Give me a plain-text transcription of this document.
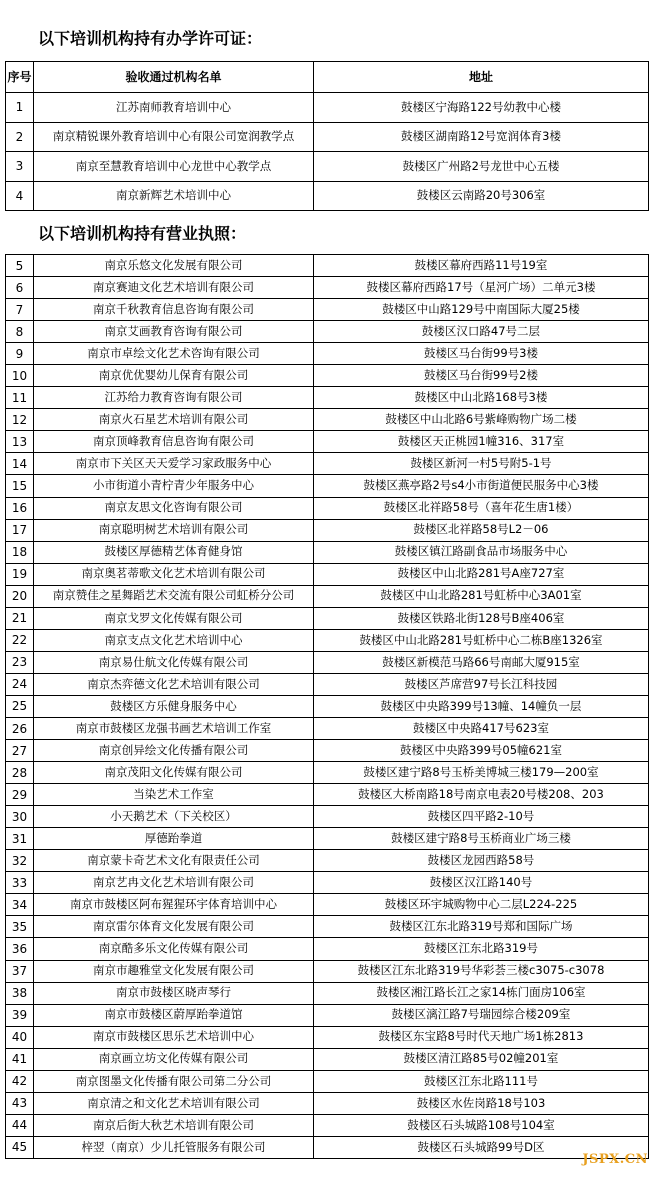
以下培训机构持有办学许可证：
序号	验收通过机构名单	地址
1	江苏南师教育培训中心	鼓楼区宁海路122号幼教中心楼
2	南京精锐课外教育培训中心有限公司宽润教学点	鼓楼区湖南路12号宽润体育3楼
3	南京至慧教育培训中心龙世中心教学点	鼓楼区广州路2号龙世中心五楼
4	南京新辉艺术培训中心	鼓楼区云南路20号306室
以下培训机构持有营业执照：
5	南京乐悠文化发展有限公司	鼓楼区幕府西路11号19室
6	南京赛迪文化艺术培训有限公司	鼓楼区幕府西路17号（星河广场）二单元3楼
7	南京千秋教育信息咨询有限公司	鼓楼区中山路129号中南国际大厦25楼
8	南京艾画教育咨询有限公司	鼓楼区汉口路47号二层
9	南京市卓绘文化艺术咨询有限公司	鼓楼区马台街99号3楼
10	南京优优婴幼儿保育有限公司	鼓楼区马台街99号2楼
11	江苏给力教育咨询有限公司	鼓楼区中山北路168号3楼
12	南京火石星艺术培训有限公司	鼓楼区中山北路6号紫峰购物广场二楼
13	南京顶峰教育信息咨询有限公司	鼓楼区天正桃园1幢316、317室
14	南京市下关区天天爱学习家政服务中心	鼓楼区新河一村5号附5-1号
15	小市街道小青柠青少年服务中心	鼓楼区燕亭路2号s4小市街道便民服务中心3楼
16	南京友思文化咨询有限公司	鼓楼区北祥路58号（喜年花生唐1楼）
17	南京聪明树艺术培训有限公司	鼓楼区北祥路58号L2－06
18	鼓楼区厚德精艺体育健身馆	鼓楼区镇江路副食品市场服务中心
19	南京奥茗蒂歌文化艺术培训有限公司	鼓楼区中山北路281号A座727室
20	南京赞佳之星舞蹈艺术交流有限公司虹桥分公司	鼓楼区中山北路281号虹桥中心3A01室
21	南京戈罗文化传媒有限公司	鼓楼区铁路北街128号B座406室
22	南京支点文化艺术培训中心	鼓楼区中山北路281号虹桥中心二栋B座1326室
23	南京易仕航文化传媒有限公司	鼓楼区新模范马路66号南邮大厦915室
24	南京杰弈德文化艺术培训有限公司	鼓楼区芦席营97号长江科技园
25	鼓楼区方乐健身服务中心	鼓楼区中央路399号13幢、14幢负一层
26	南京市鼓楼区龙强书画艺术培训工作室	鼓楼区中央路417号623室
27	南京创异绘文化传播有限公司	鼓楼区中央路399号05幢621室
28	南京茂阳文化传媒有限公司	鼓楼区建宁路8号玉桥美博城三楼179—200室
29	当染艺术工作室	鼓楼区大桥南路18号南京电表20号楼208、203
30	小天鹅艺术（下关校区）	鼓楼区四平路2-10号
31	厚德跆拳道	鼓楼区建宁路8号玉桥商业广场三楼
32	南京蒙卡奇艺术文化有限责任公司	鼓楼区龙园西路58号
33	南京艺冉文化艺术培训有限公司	鼓楼区汉江路140号
34	南京市鼓楼区阿布猩猩环宇体育培训中心	鼓楼区环宇城购物中心二层L224-225
35	南京雷尔体育文化发展有限公司	鼓楼区江东北路319号郑和国际广场
36	南京酷多乐文化传媒有限公司	鼓楼区江东北路319号
37	南京市趣雅堂文化发展有限公司	鼓楼区江东北路319号华彩荟三楼c3075-c3078
38	南京市鼓楼区晓声琴行	鼓楼区湘江路长江之家14栋门面房106室
39	南京市鼓楼区蔚厚跆拳道馆	鼓楼区漓江路7号瑞园综合楼209室
40	南京市鼓楼区思乐艺术培训中心	鼓楼区东宝路8号时代天地广场1栋2813
41	南京画立坊文化传媒有限公司	鼓楼区清江路85号02幢201室
42	南京图墨文化传播有限公司第二分公司	鼓楼区江东北路111号
43	南京清之和文化艺术培训有限公司	鼓楼区水佐岗路18号103
44	南京后街大秋艺术培训有限公司	鼓楼区石头城路108号104室
45	梓翌（南京）少儿托管服务有限公司	鼓楼区石头城路99号D区
JSPX.CN
